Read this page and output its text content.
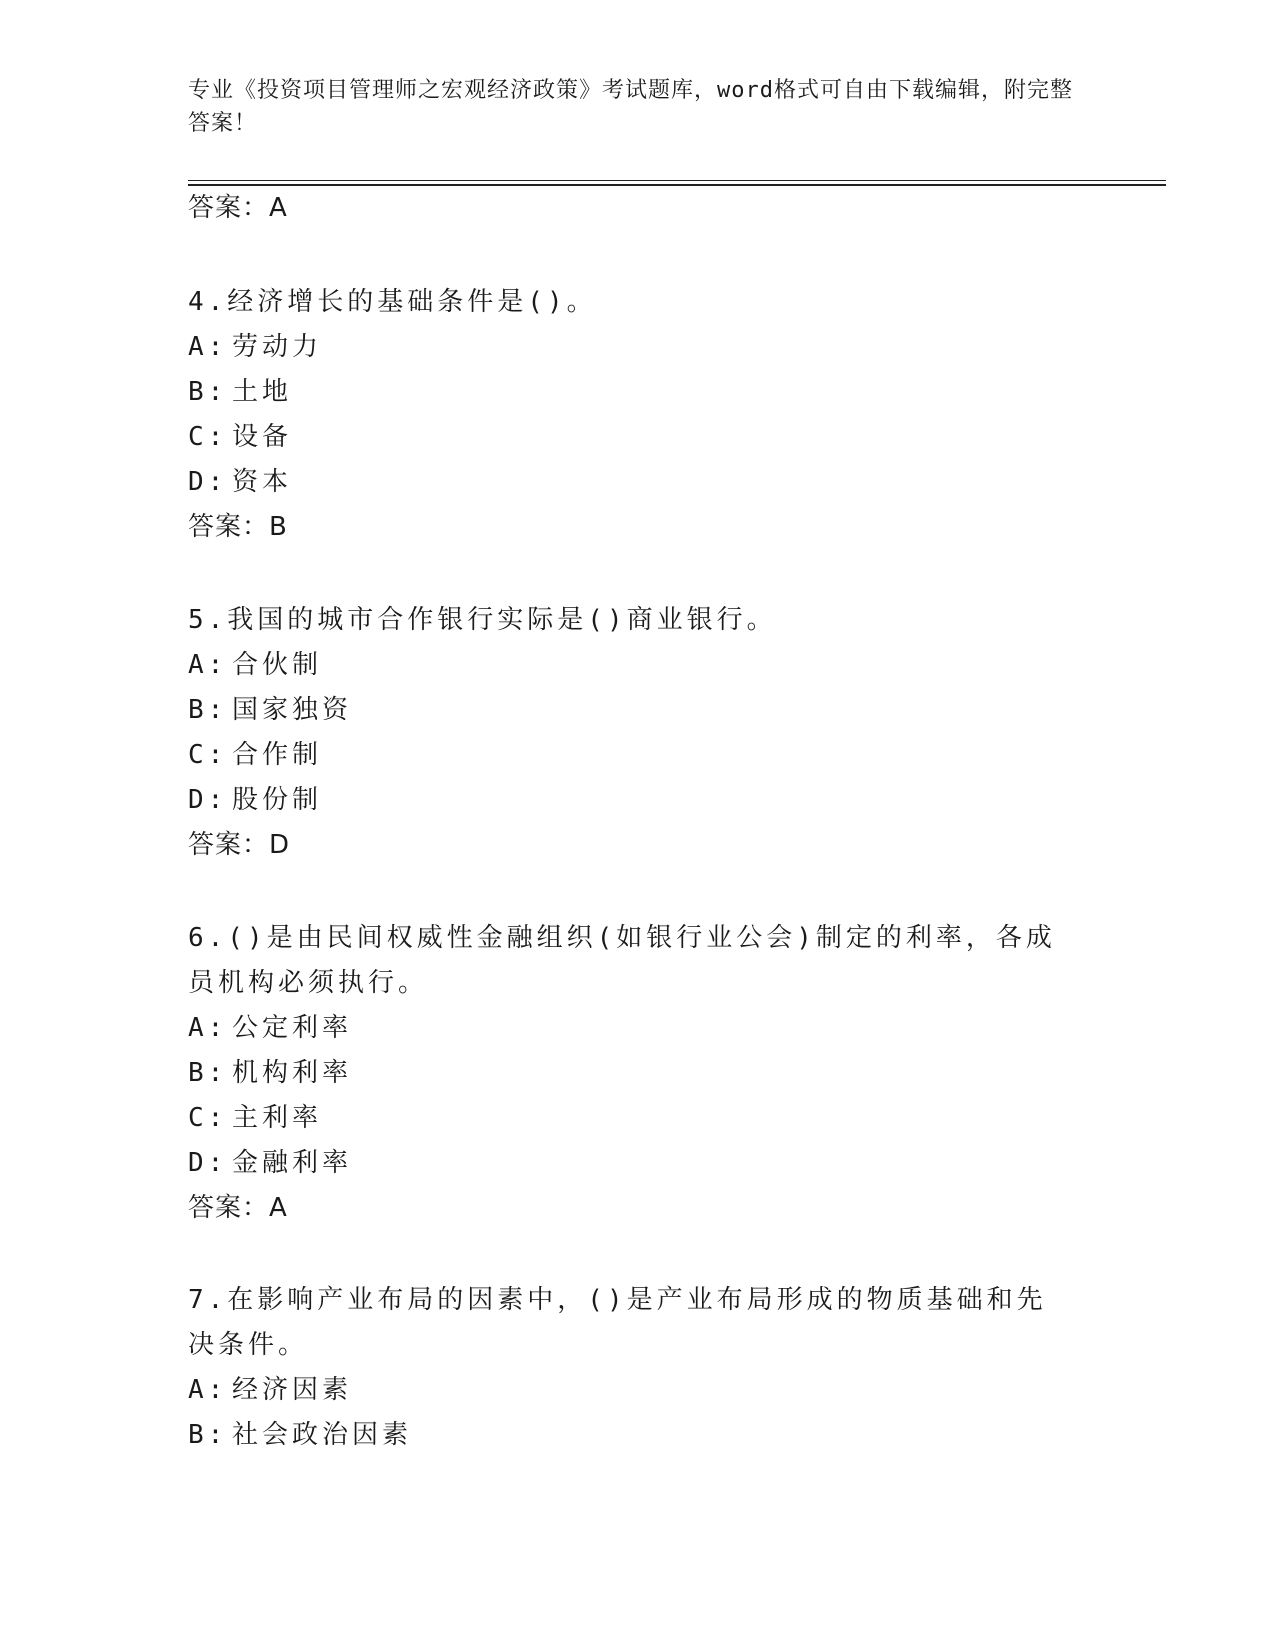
专业《投资项目管理师之宏观经济政策》考试题库，word格式可自由下载编辑，附完整答案！
答案：A
4.经济增长的基础条件是()。
A: 劳动力
B: 土地
C: 设备
D: 资本
答案：B
5.我国的城市合作银行实际是()商业银行。
A: 合伙制
B: 国家独资
C: 合作制
D: 股份制
答案：D
6.()是由民间权威性金融组织(如银行业公会)制定的利率，各成员机构必须执行。
A: 公定利率
B: 机构利率
C: 主利率
D: 金融利率
答案：A
7.在影响产业布局的因素中，()是产业布局形成的物质基础和先决条件。
A: 经济因素
B: 社会政治因素
